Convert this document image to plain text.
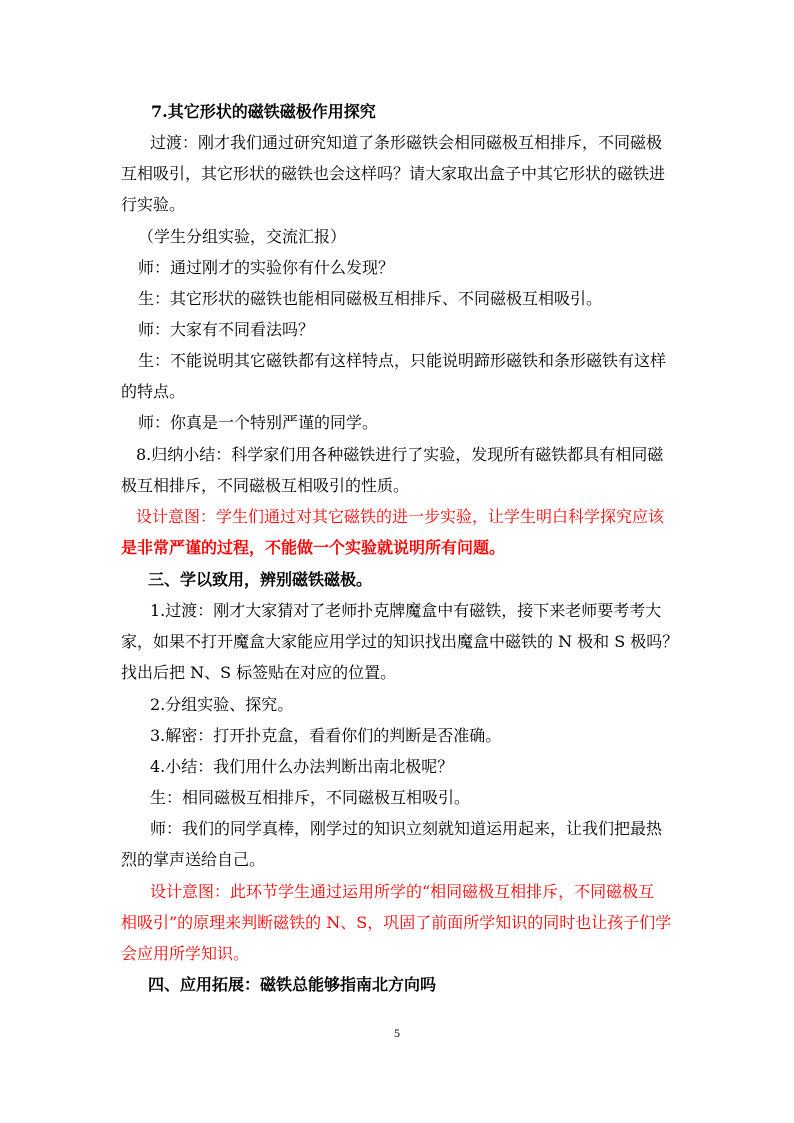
7.其它形状的磁铁磁极作用探究
过渡：刚才我们通过研究知道了条形磁铁会相同磁极互相排斥，不同磁极
互相吸引，其它形状的磁铁也会这样吗？请大家取出盒子中其它形状的磁铁进
行实验。
（学生分组实验，交流汇报）
师：通过刚才的实验你有什么发现？
生：其它形状的磁铁也能相同磁极互相排斥、不同磁极互相吸引。
师：大家有不同看法吗？
生：不能说明其它磁铁都有这样特点，只能说明蹄形磁铁和条形磁铁有这样
的特点。
师：你真是一个特别严谨的同学。
8.归纳小结：科学家们用各种磁铁进行了实验，发现所有磁铁都具有相同磁
极互相排斥，不同磁极互相吸引的性质。
设计意图：学生们通过对其它磁铁的进一步实验，让学生明白科学探究应该
是非常严谨的过程，不能做一个实验就说明所有问题。
三、学以致用，辨别磁铁磁极。
1.过渡：刚才大家猜对了老师扑克牌魔盒中有磁铁，接下来老师要考考大
家，如果不打开魔盒大家能应用学过的知识找出魔盒中磁铁的 N 极和 S 极吗？
找出后把 N、S 标签贴在对应的位置。
2.分组实验、探究。
3.解密：打开扑克盒，看看你们的判断是否准确。
4.小结：我们用什么办法判断出南北极呢？
生：相同磁极互相排斥，不同磁极互相吸引。
师：我们的同学真棒，刚学过的知识立刻就知道运用起来，让我们把最热
烈的掌声送给自己。
设计意图：此环节学生通过运用所学的“相同磁极互相排斥，不同磁极互
相吸引”的原理来判断磁铁的 N、S，巩固了前面所学知识的同时也让孩子们学
会应用所学知识。
四、应用拓展：磁铁总能够指南北方向吗
5
